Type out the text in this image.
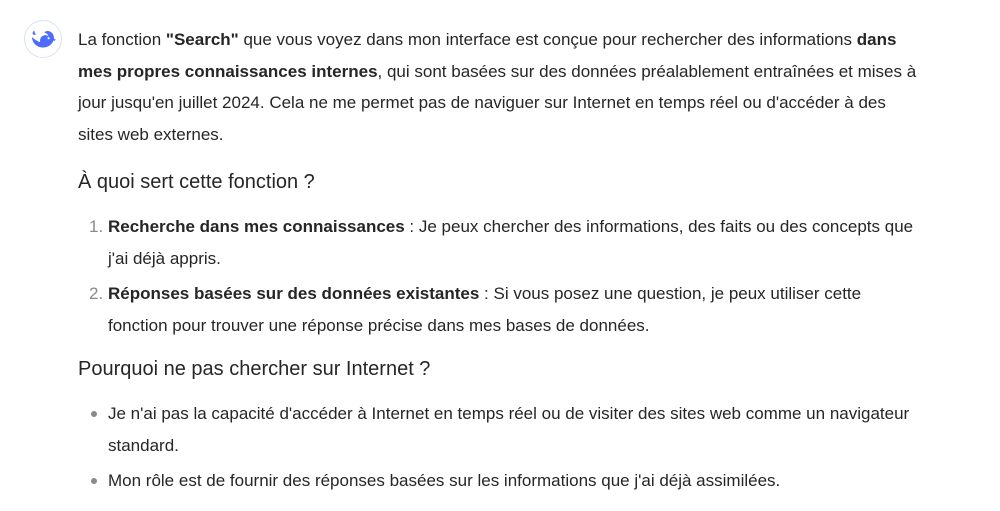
La fonction "Search" que vous voyez dans mon interface est conçue pour rechercher des informations dans mes propres connaissances internes, qui sont basées sur des données préalablement entraînées et mises à jour jusqu'en juillet 2024. Cela ne me permet pas de naviguer sur Internet en temps réel ou d'accéder à des sites web externes.

À quoi sert cette fonction ?
1. Recherche dans mes connaissances : Je peux chercher des informations, des faits ou des concepts que j'ai déjà appris.
2. Réponses basées sur des données existantes : Si vous posez une question, je peux utiliser cette fonction pour trouver une réponse précise dans mes bases de données.
Pourquoi ne pas chercher sur Internet ?
Je n'ai pas la capacité d'accéder à Internet en temps réel ou de visiter des sites web comme un navigateur standard.
Mon rôle est de fournir des réponses basées sur les informations que j'ai déjà assimilées.
